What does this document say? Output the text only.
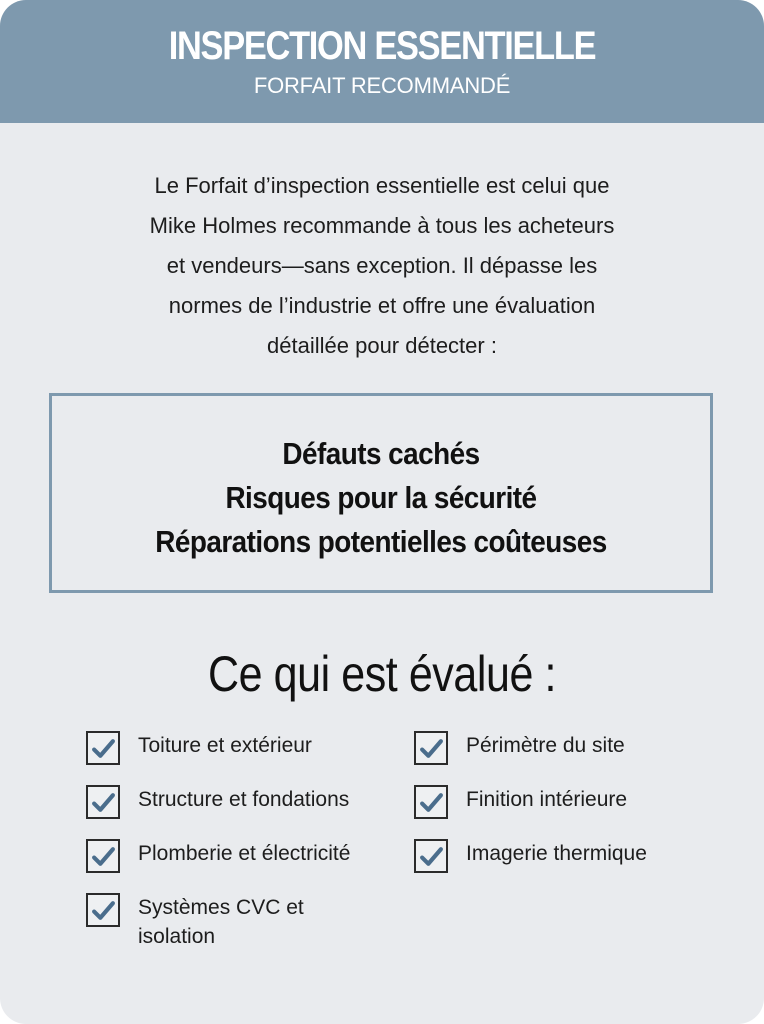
INSPECTION ESSENTIELLE
FORFAIT RECOMMANDÉ
Le Forfait d’inspection essentielle est celui que
Mike Holmes recommande à tous les acheteurs
et vendeurs—sans exception. Il dépasse les
normes de l’industrie et offre une évaluation
détaillée pour détecter :
Défauts cachés
Risques pour la sécurité
Réparations potentielles coûteuses
Ce qui est évalué :
Toiture et extérieur
Structure et fondations
Plomberie et électricité
Systèmes CVC et isolation
Périmètre du site
Finition intérieure
Imagerie thermique
